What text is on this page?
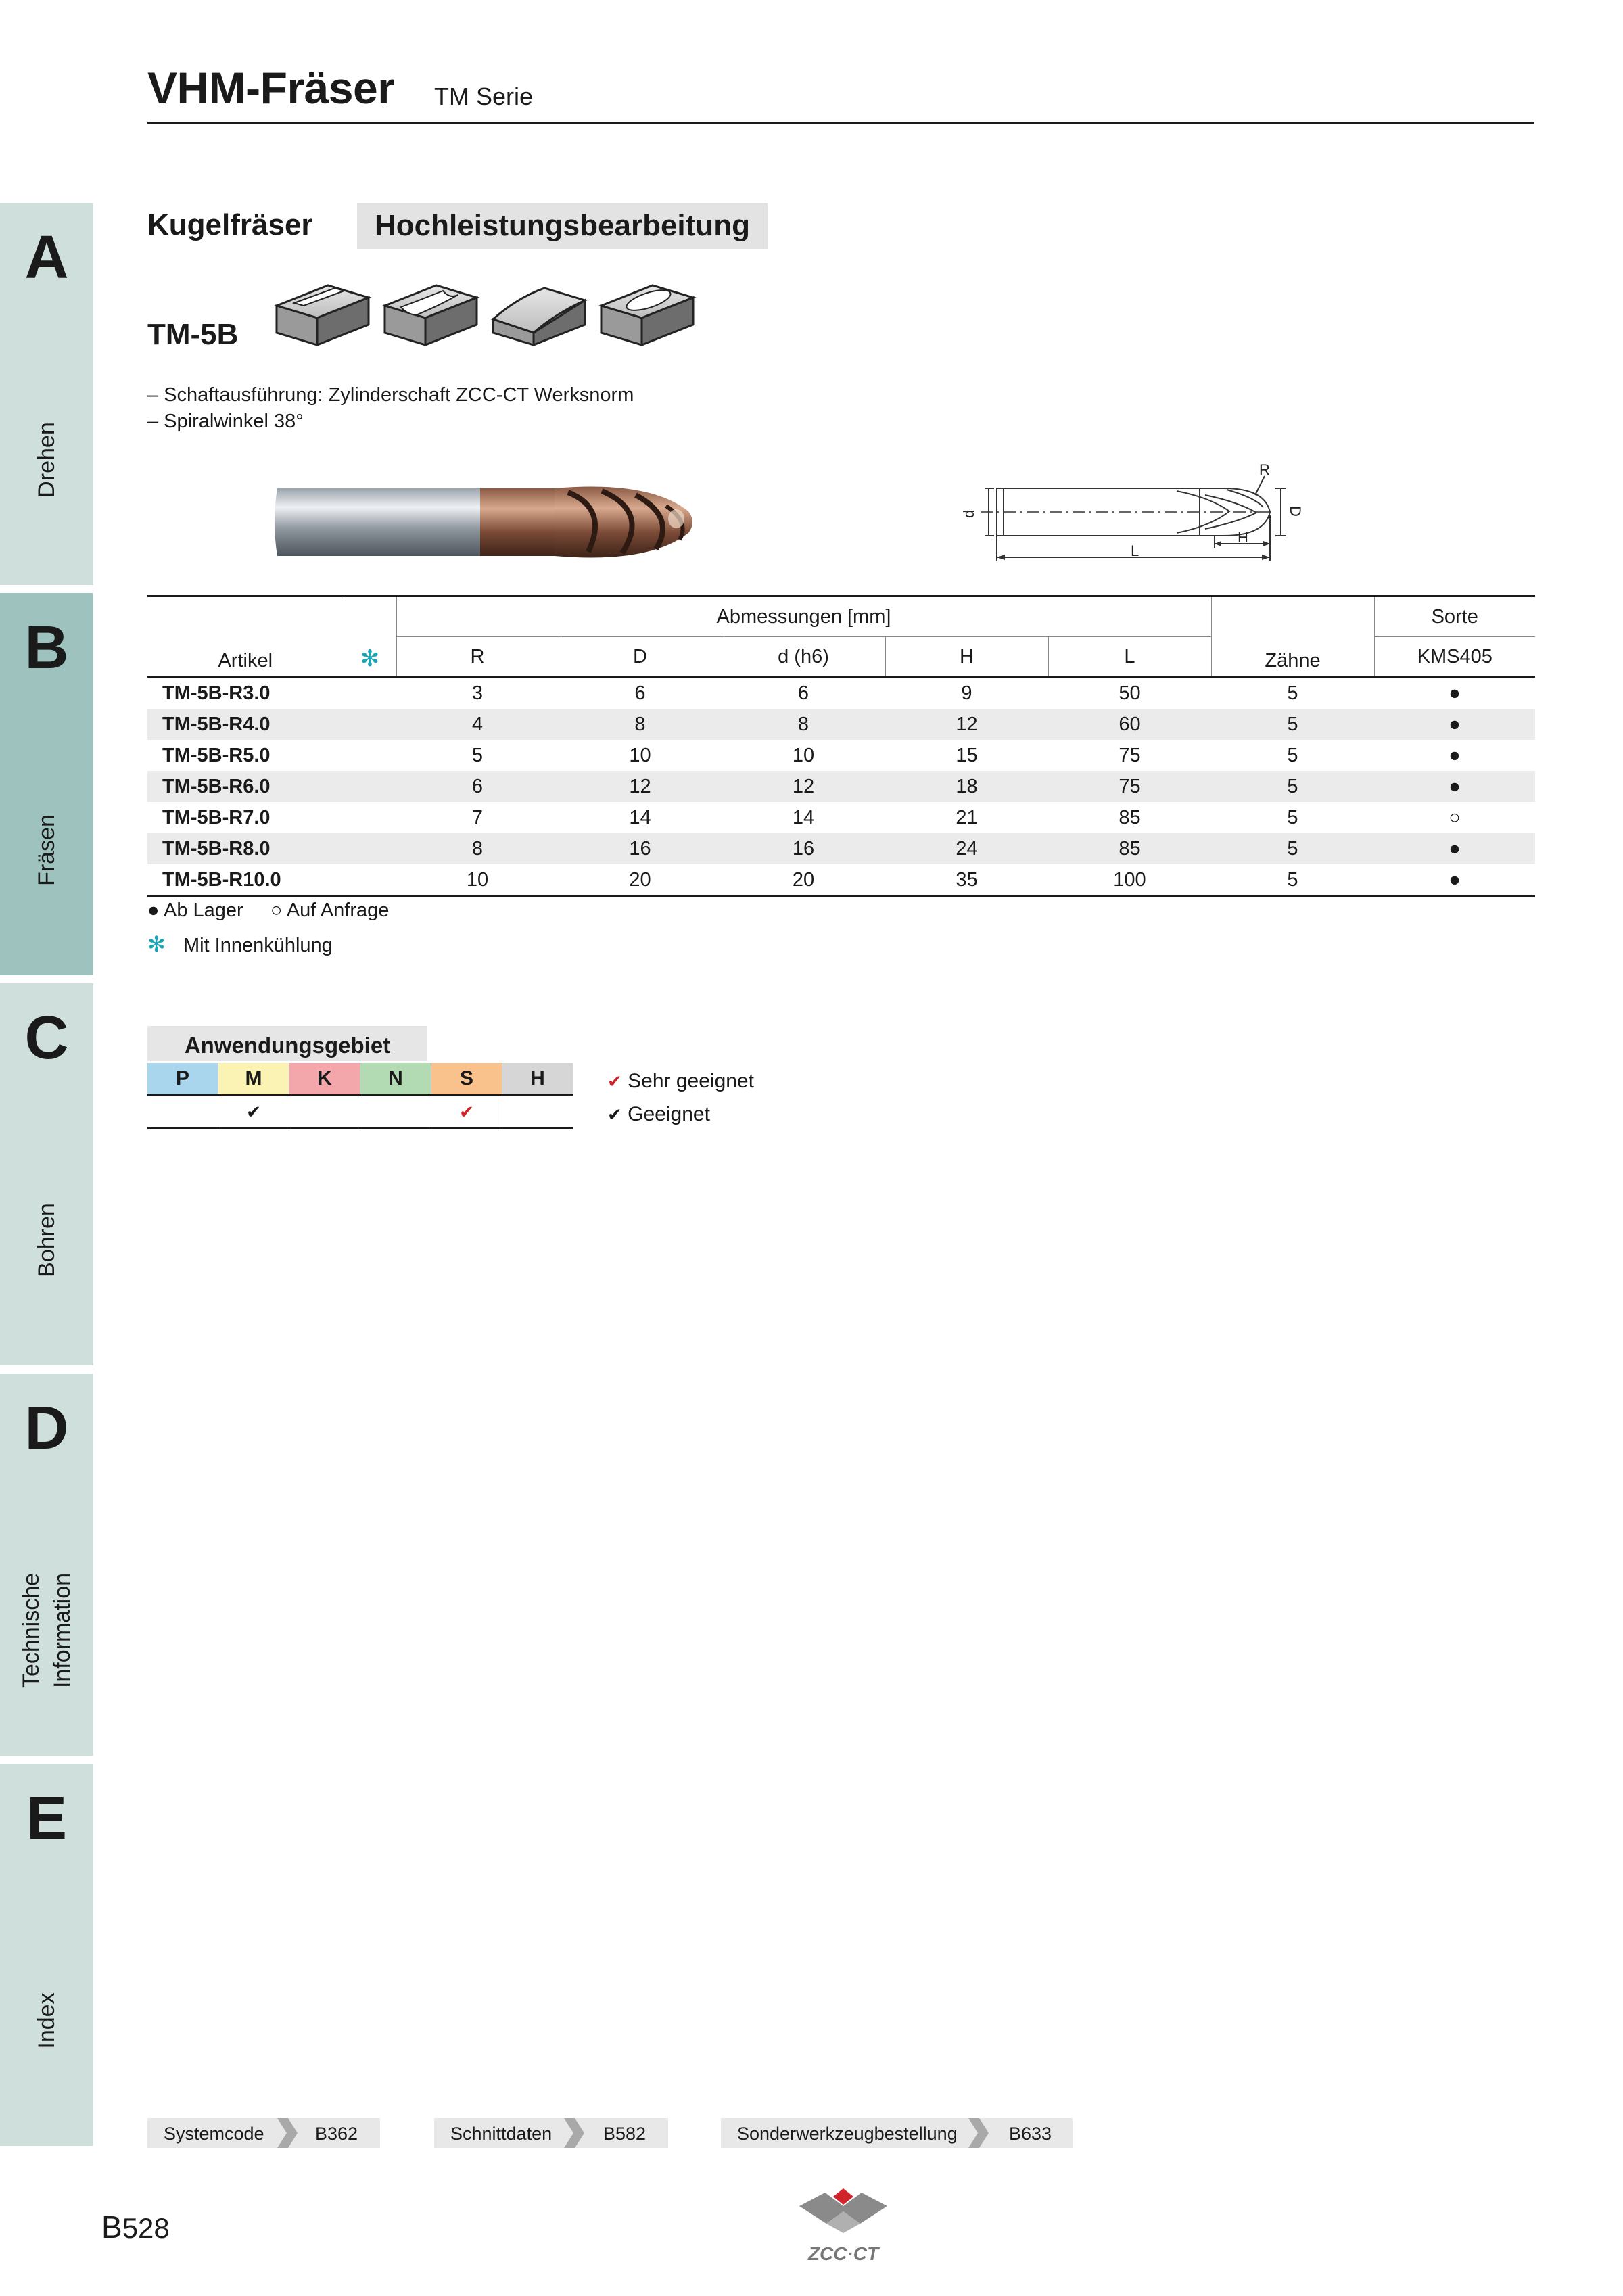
VHM-Fräser TM Serie
A
Drehen
B
Fräsen
C
Bohren
D
Technische Information
E
Index
Kugelfräser	Hochleistungsbearbeitung
TM-5B
– Schaftausführung: Zylinderschaft ZCC-CT Werksnorm
– Spiralwinkel 38°
R
D
d
L
H
Artikel	✻	Abmessungen [mm]					Zähne	Sorte
		R	D	d (h6)	H	L		KMS405
TM-5B-R3.0		3	6	6	9	50	5	●
TM-5B-R4.0		4	8	8	12	60	5	●
TM-5B-R5.0		5	10	10	15	75	5	●
TM-5B-R6.0		6	12	12	18	75	5	●
TM-5B-R7.0		7	14	14	21	85	5	○
TM-5B-R8.0		8	16	16	24	85	5	●
TM-5B-R10.0		10	20	20	35	100	5	●
● Ab Lager ○ Auf Anfrage
✻ Mit Innenkühlung
Anwendungsgebiet
P	M	K	N	S	H
	✔			✔	
✔ Sehr geeignet
✔ Geeignet
Systemcode	B362	Schnittdaten	B582	Sonderwerkzeugbestellung	B633
B528
ZCC·CT
